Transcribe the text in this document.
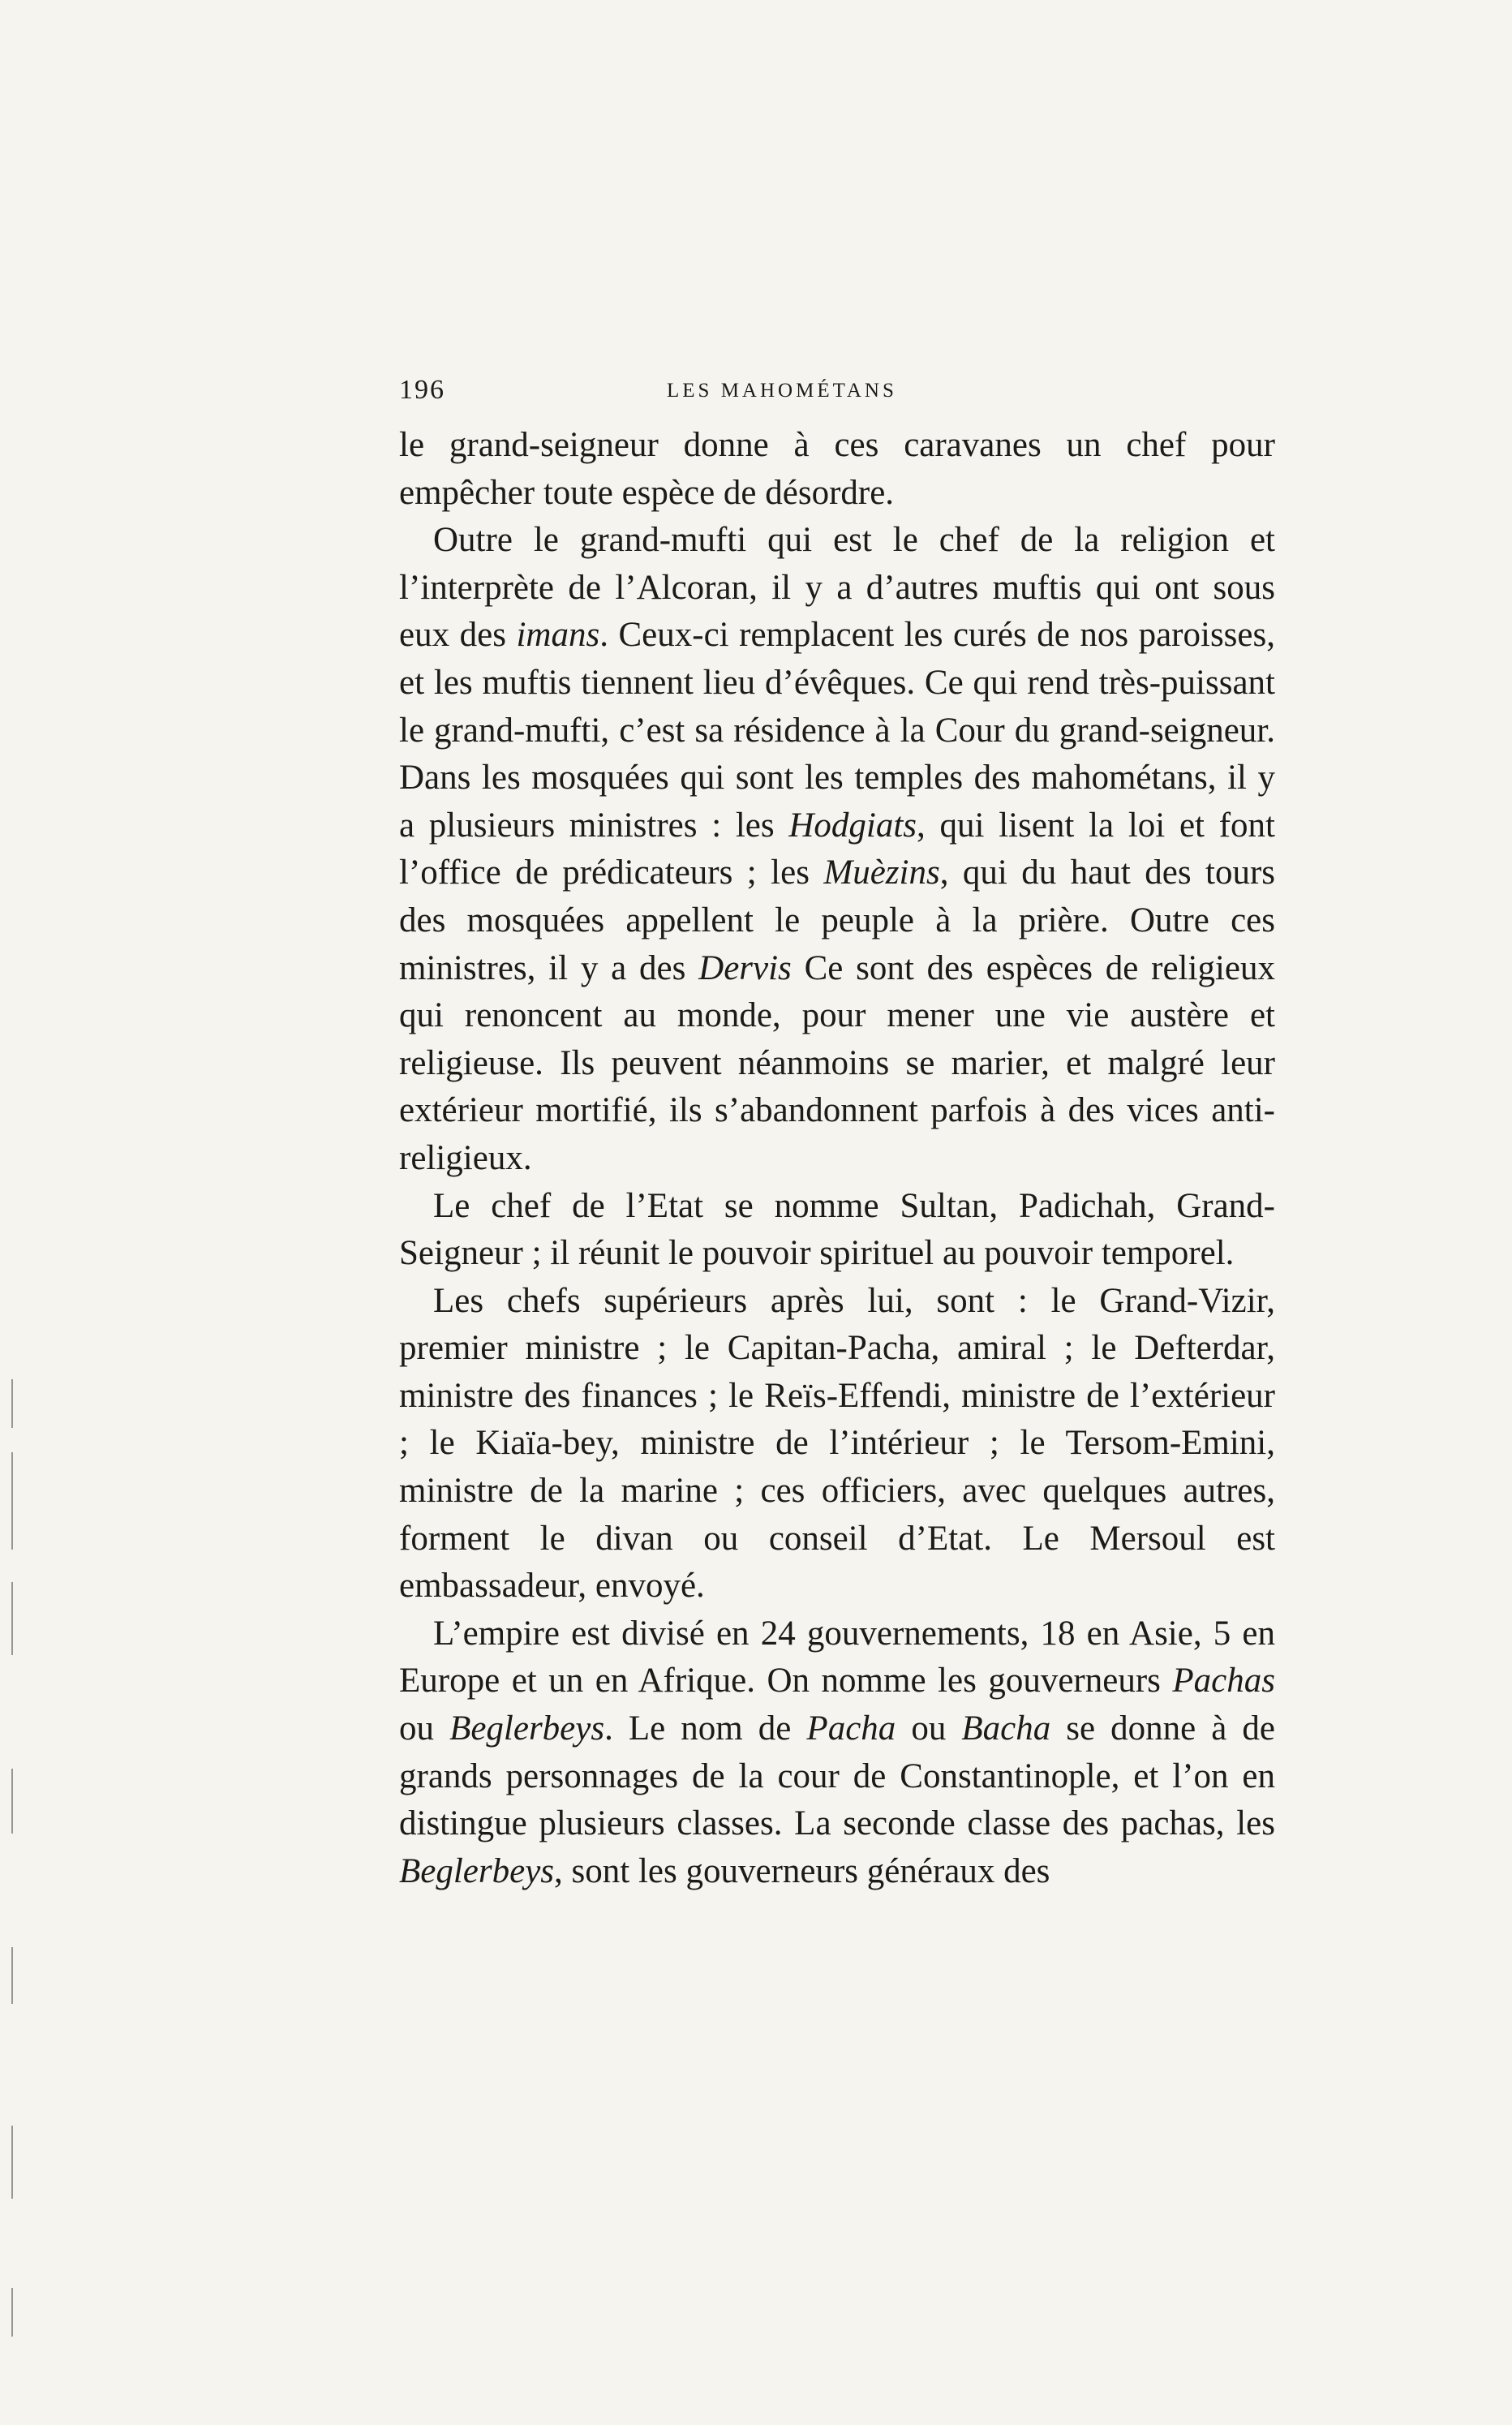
196	LES MAHOMÉTANS

le grand-seigneur donne à ces caravanes un chef pour empêcher toute espèce de désordre.

Outre le grand-mufti qui est le chef de la religion et l’interprète de l’Alcoran, il y a d’autres muftis qui ont sous eux des imans. Ceux-ci remplacent les curés de nos paroisses, et les muftis tiennent lieu d’évêques. Ce qui rend très-puissant le grand-mufti, c’est sa résidence à la Cour du grand-seigneur. Dans les mosquées qui sont les temples des mahométans, il y a plusieurs ministres : les Hodgiats, qui lisent la loi et font l’office de prédicateurs ; les Muèzins, qui du haut des tours des mosquées appellent le peuple à la prière. Outre ces ministres, il y a des Dervis Ce sont des espèces de religieux qui renoncent au monde, pour mener une vie austère et religieuse. Ils peuvent néanmoins se marier, et malgré leur extérieur mortifié, ils s’abandonnent parfois à des vices anti-religieux.

Le chef de l’Etat se nomme Sultan, Padichah, Grand-Seigneur ; il réunit le pouvoir spirituel au pouvoir temporel.

Les chefs supérieurs après lui, sont : le Grand-Vizir, premier ministre ; le Capitan-Pacha, amiral ; le Defterdar, ministre des finances ; le Reïs-Effendi, ministre de l’extérieur ; le Kiaïa-bey, ministre de l’intérieur ; le Tersom-Emini, ministre de la marine ; ces officiers, avec quelques autres, forment le divan ou conseil d’Etat. Le Mersoul est embassadeur, envoyé.

L’empire est divisé en 24 gouvernements, 18 en Asie, 5 en Europe et un en Afrique. On nomme les gouverneurs Pachas ou Beglerbeys. Le nom de Pacha ou Bacha se donne à de grands personnages de la cour de Constantinople, et l’on en distingue plusieurs classes. La seconde classe des pachas, les Beglerbeys, sont les gouverneurs généraux des
